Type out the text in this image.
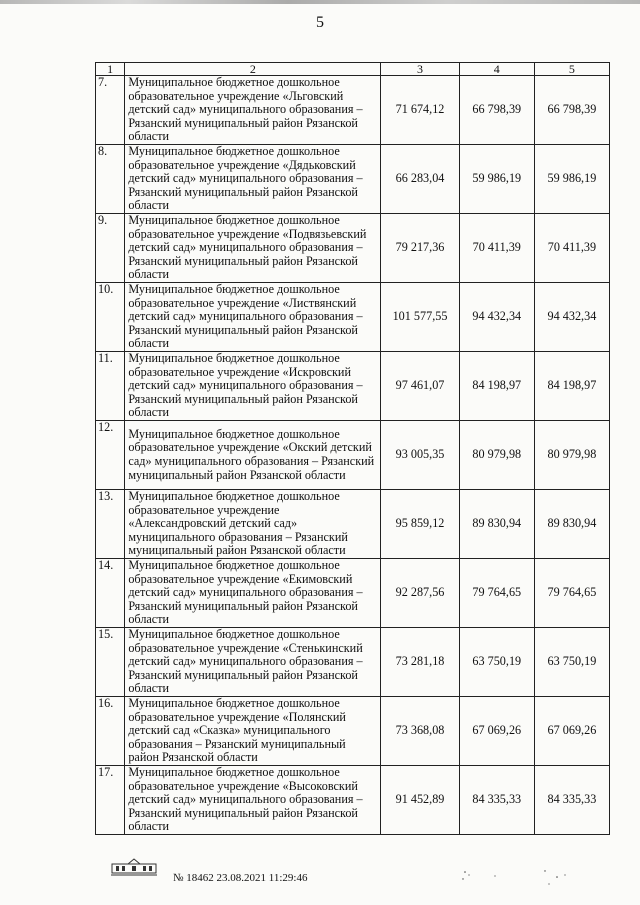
5
1	2	3	4	5
7.	Муниципальное бюджетное дошкольное образовательное учреждение «Льговский детский сад» муниципального образования – Рязанский муниципальный район Рязанской области	71 674,12	66 798,39	66 798,39
8.	Муниципальное бюджетное дошкольное образовательное учреждение «Дядьковский детский сад» муниципального образования – Рязанский муниципальный район Рязанской области	66 283,04	59 986,19	59 986,19
9.	Муниципальное бюджетное дошкольное образовательное учреждение «Подвязьевский детский сад» муниципального образования – Рязанский муниципальный район Рязанской области	79 217,36	70 411,39	70 411,39
10.	Муниципальное бюджетное дошкольное образовательное учреждение «Листвянский детский сад» муниципального образования – Рязанский муниципальный район Рязанской области	101 577,55	94 432,34	94 432,34
11.	Муниципальное бюджетное дошкольное образовательное учреждение «Искровский детский сад» муниципального образования – Рязанский муниципальный район Рязанской области	97 461,07	84 198,97	84 198,97
12.	Муниципальное бюджетное дошкольное образовательное учреждение «Окский детский сад» муниципального образования – Рязанский муниципальный район Рязанской области	93 005,35	80 979,98	80 979,98
13.	Муниципальное бюджетное дошкольное образовательное учреждение «Александровский детский сад» муниципального образования – Рязанский муниципальный район Рязанской области	95 859,12	89 830,94	89 830,94
14.	Муниципальное бюджетное дошкольное образовательное учреждение «Екимовский детский сад» муниципального образования – Рязанский муниципальный район Рязанской области	92 287,56	79 764,65	79 764,65
15.	Муниципальное бюджетное дошкольное образовательное учреждение «Стенькинский детский сад» муниципального образования – Рязанский муниципальный район Рязанской области	73 281,18	63 750,19	63 750,19
16.	Муниципальное бюджетное дошкольное образовательное учреждение «Полянский детский сад «Сказка» муниципального образования – Рязанский муниципальный район Рязанской области	73 368,08	67 069,26	67 069,26
17.	Муниципальное бюджетное дошкольное образовательное учреждение «Высоковский детский сад» муниципального образования – Рязанский муниципальный район Рязанской области	91 452,89	84 335,33	84 335,33
№ 18462 23.08.2021 11:29:46
